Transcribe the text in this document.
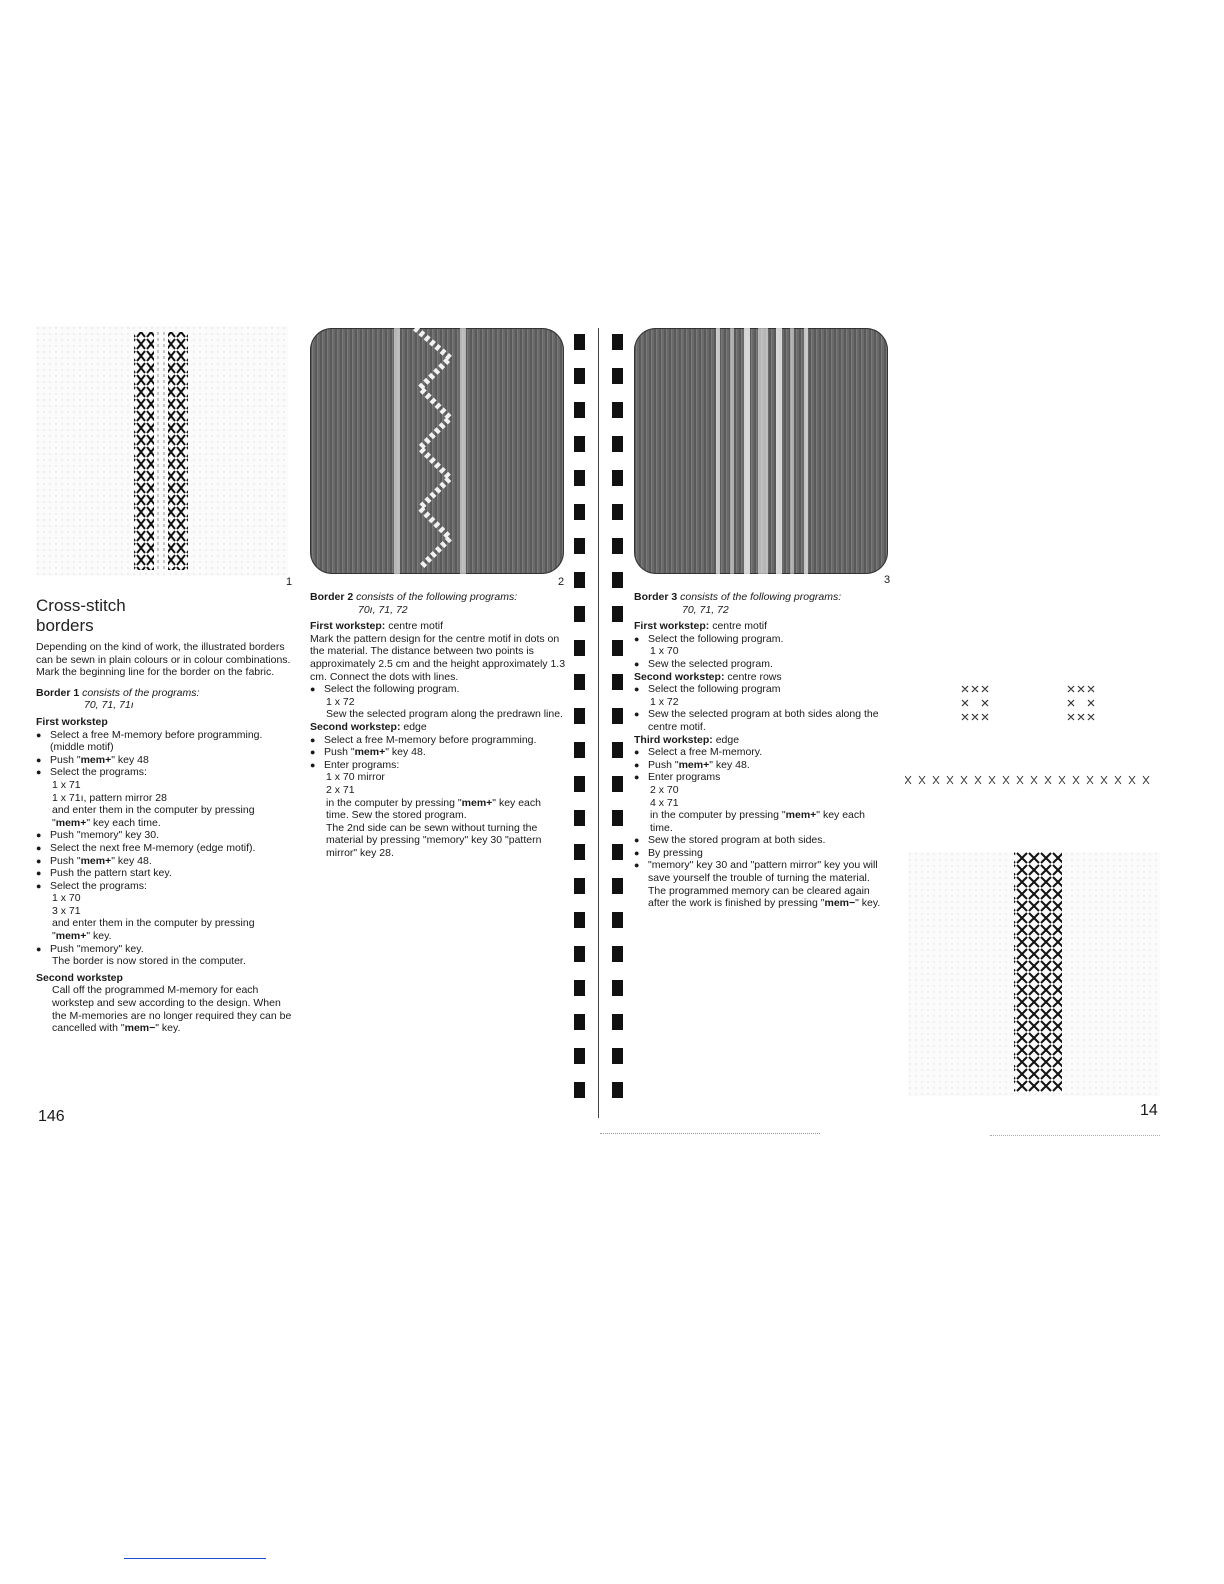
1
Cross-stitch
borders

Depending on the kind of work, the illustrated borders can be sewn in plain colours or in colour combinations.

Mark the beginning line for the border on the fabric.

Border 1 consists of the programs:

70, 71, 71ı

First workstep

● Select a free M-memory before programming. (middle motif)

● Push "mem+" key 48

● Select the programs:

1 x 71

1 x 71ı, pattern mirror 28

and enter them in the computer by pressing

"mem+" key each time.

● Push "memory" key 30.

● Select the next free M-memory (edge motif).

● Push "mem+" key 48.

● Push the pattern start key.

● Select the programs:

1 x 70

3 x 71

and enter them in the computer by pressing

"mem+" key.

● Push "memory" key.

The border is now stored in the computer.

Second workstep

Call off the programmed M-memory for each workstep and sew according to the design. When the M-memories are no longer required they can be cancelled with "mem−" key.

146
2

Border 2 consists of the following programs:

70ı, 71, 72

First workstep: centre motif

Mark the pattern design for the centre motif in dots on the material. The distance between two points is approximately 2.5 cm and the height approximately 1.3 cm. Connect the dots with lines.

● Select the following program.

1 x 72

Sew the selected program along the predrawn line.

Second workstep: edge

● Select a free M-memory before programming.

● Push "mem+" key 48.

● Enter programs:

1 x 70 mirror

2 x 71

in the computer by pressing "mem+" key each time. Sew the stored program.

The 2nd side can be sewn without turning the material by pressing "memory" key 30 "pattern mirror" key 28.

3

Border 3 consists of the following programs:

70, 71, 72

First workstep: centre motif

● Select the following program.

1 x 70

● Sew the selected program.

Second workstep: centre rows

● Select the following program

1 x 72

● Sew the selected program at both sides along the centre motif.

Third workstep: edge

● Select a free M-memory.

● Push "mem+" key 48.

● Enter programs

2 x 70

4 x 71

in the computer by pressing "mem+" key each time.

● Sew the stored program at both sides.

● By pressing

● "memory" key 30 and "pattern mirror" key you will save yourself the trouble of turning the material. The programmed memory can be cleared again after the work is finished by pressing "mem−" key.

14
